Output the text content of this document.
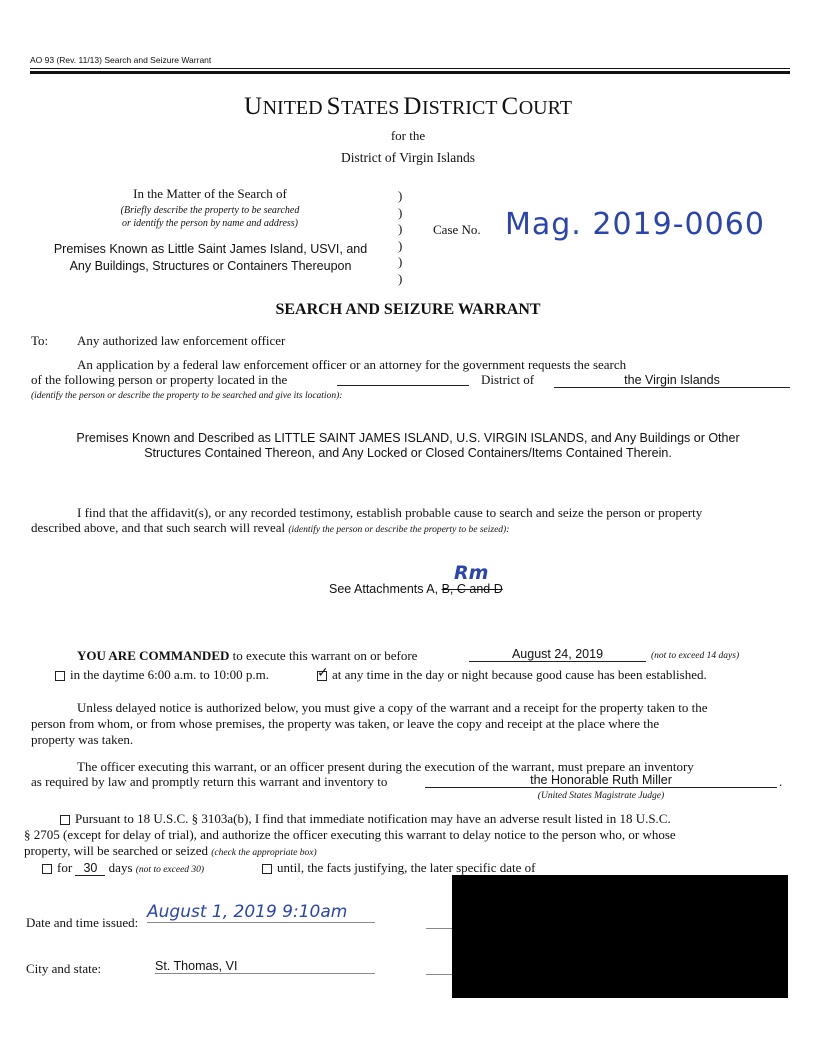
AO 93 (Rev. 11/13) Search and Seizure Warrant
UNITED STATES DISTRICT COURT
for the
District of Virgin Islands
In the Matter of the Search of
(Briefly describe the property to be searched
or identify the person by name and address)
Premises Known as Little Saint James Island, USVI, and
Any Buildings, Structures or Containers Thereupon
)
)
)
)
)
)
Case No. Mag. 2019-0060
SEARCH AND SEIZURE WARRANT
To: Any authorized law enforcement officer
An application by a federal law enforcement officer or an attorney for the government requests the search
of the following person or property located in the	District of	the Virgin Islands
(identify the person or describe the property to be searched and give its location):
Premises Known and Described as LITTLE SAINT JAMES ISLAND, U.S. VIRGIN ISLANDS, and Any Buildings or Other
Structures Contained Thereon, and Any Locked or Closed Containers/Items Contained Therein.
I find that the affidavit(s), or any recorded testimony, establish probable cause to search and seize the person or property
described above, and that such search will reveal (identify the person or describe the property to be seized):
See Attachments A, B, C and D
Rm
YOU ARE COMMANDED to execute this warrant on or before	August 24, 2019	(not to exceed 14 days)
in the daytime 6:00 a.m. to 10:00 p.m.	✓ at any time in the day or night because good cause has been established.
Unless delayed notice is authorized below, you must give a copy of the warrant and a receipt for the property taken to the
person from whom, or from whose premises, the property was taken, or leave the copy and receipt at the place where the
property was taken.
The officer executing this warrant, or an officer present during the execution of the warrant, must prepare an inventory
as required by law and promptly return this warrant and inventory to	the Honorable Ruth Miller	.
(United States Magistrate Judge)
Pursuant to 18 U.S.C. § 3103a(b), I find that immediate notification may have an adverse result listed in 18 U.S.C.
§ 2705 (except for delay of trial), and authorize the officer executing this warrant to delay notice to the person who, or whose
property, will be searched or seized (check the appropriate box)
for 30 days (not to exceed 30)	until, the facts justifying, the later specific date of
Date and time issued:
August 1, 2019 9:10am
City and state:	St. Thomas, VI
